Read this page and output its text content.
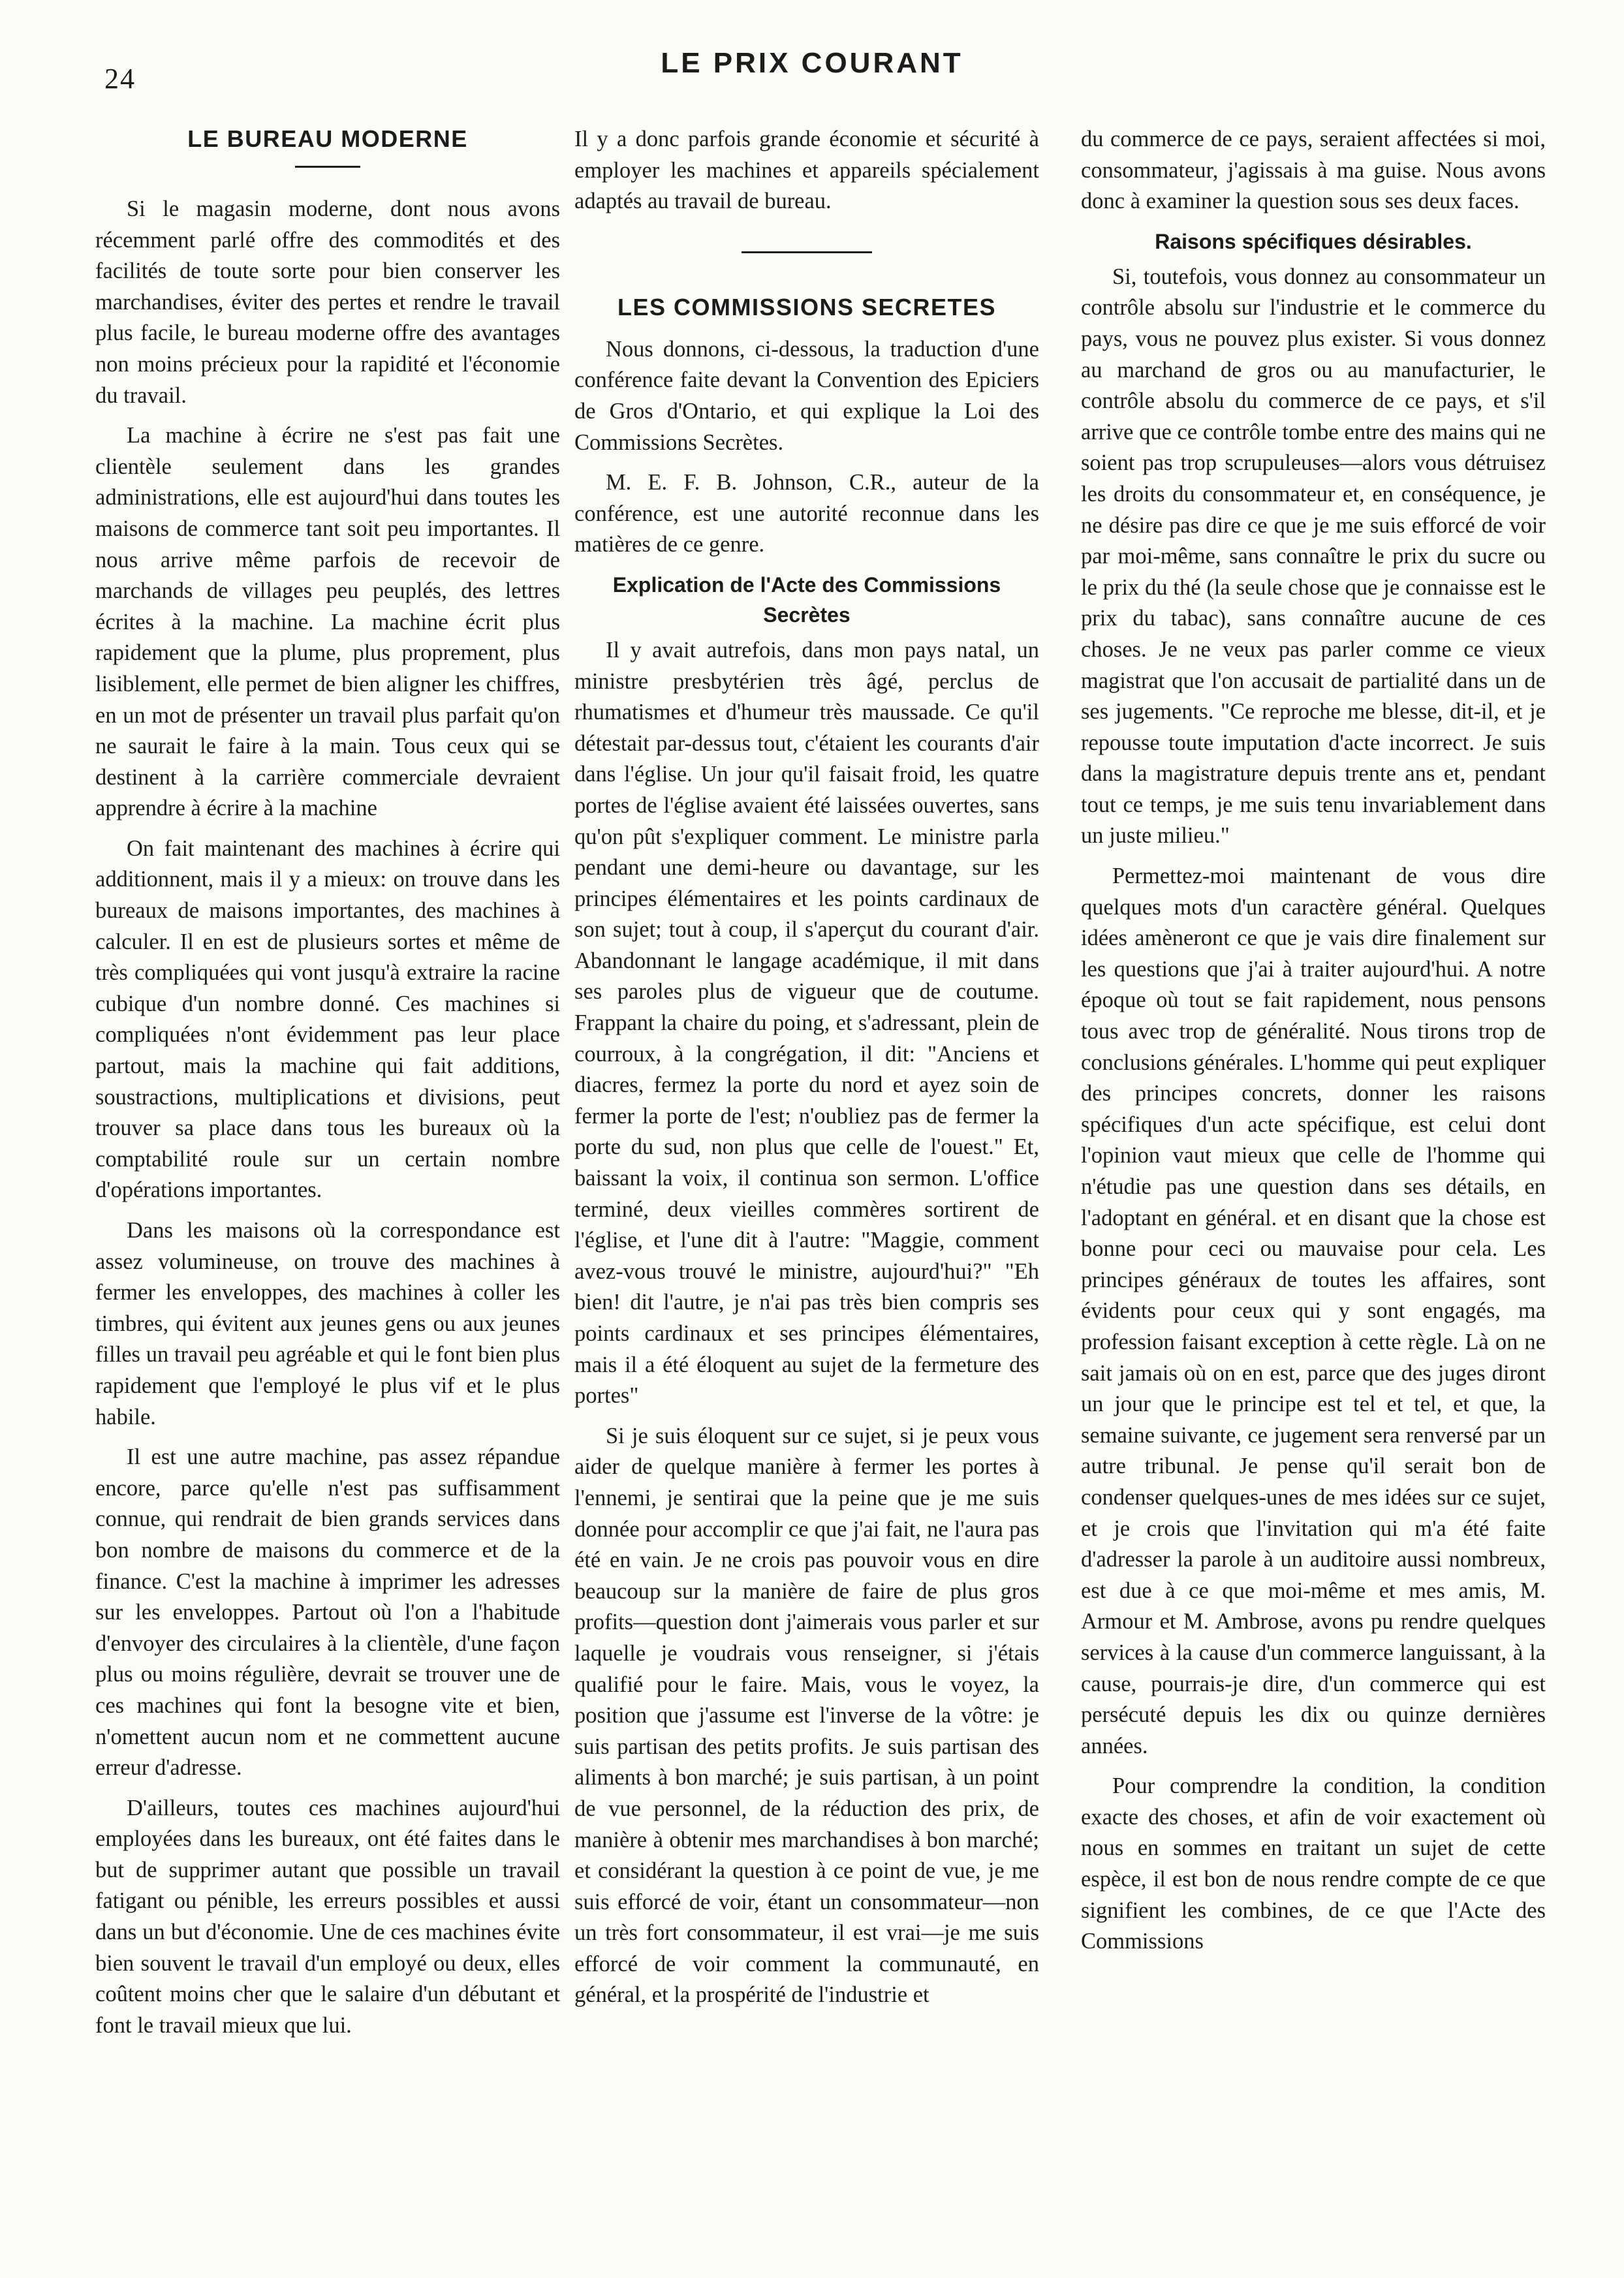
24	LE PRIX COURANT
LE BUREAU MODERNE

Si le magasin moderne, dont nous avons récemment parlé offre des commodités et des facilités de toute sorte pour bien conserver les marchandises, éviter des pertes et rendre le travail plus facile, le bureau moderne offre des avantages non moins précieux pour la rapidité et l'économie du travail.

La machine à écrire ne s'est pas fait une clientèle seulement dans les grandes administrations, elle est aujourd'hui dans toutes les maisons de commerce tant soit peu importantes. Il nous arrive même parfois de recevoir de marchands de villages peu peuplés, des lettres écrites à la machine. La machine écrit plus rapidement que la plume, plus proprement, plus lisiblement, elle permet de bien aligner les chiffres, en un mot de présenter un travail plus parfait qu'on ne saurait le faire à la main. Tous ceux qui se destinent à la carrière commerciale devraient apprendre à écrire à la machine

On fait maintenant des machines à écrire qui additionnent, mais il y a mieux: on trouve dans les bureaux de maisons importantes, des machines à calculer. Il en est de plusieurs sortes et même de très compliquées qui vont jusqu'à extraire la racine cubique d'un nombre donné. Ces machines si compliquées n'ont évidemment pas leur place partout, mais la machine qui fait additions, soustractions, multiplications et divisions, peut trouver sa place dans tous les bureaux où la comptabilité roule sur un certain nombre d'opérations importantes.

Dans les maisons où la correspondance est assez volumineuse, on trouve des machines à fermer les enveloppes, des machines à coller les timbres, qui évitent aux jeunes gens ou aux jeunes filles un travail peu agréable et qui le font bien plus rapidement que l'employé le plus vif et le plus habile.

Il est une autre machine, pas assez répandue encore, parce qu'elle n'est pas suffisamment connue, qui rendrait de bien grands services dans bon nombre de maisons du commerce et de la finance. C'est la machine à imprimer les adresses sur les enveloppes. Partout où l'on a l'habitude d'envoyer des circulaires à la clientèle, d'une façon plus ou moins régulière, devrait se trouver une de ces machines qui font la besogne vite et bien, n'omettent aucun nom et ne commettent aucune erreur d'adresse.

D'ailleurs, toutes ces machines aujourd'hui employées dans les bureaux, ont été faites dans le but de supprimer autant que possible un travail fatigant ou pénible, les erreurs possibles et aussi dans un but d'économie. Une de ces machines évite bien souvent le travail d'un employé ou deux, elles coûtent moins cher que le salaire d'un débutant et font le travail mieux que lui.

Il y a donc parfois grande économie et sécurité à employer les machines et appareils spécialement adaptés au travail de bureau.

LES COMMISSIONS SECRETES

Nous donnons, ci-dessous, la traduction d'une conférence faite devant la Convention des Epiciers de Gros d'Ontario, et qui explique la Loi des Commissions Secrètes.

M. E. F. B. Johnson, C.R., auteur de la conférence, est une autorité reconnue dans les matières de ce genre.

Explication de l'Acte des Commissions Secrètes

Il y avait autrefois, dans mon pays natal, un ministre presbytérien très âgé, perclus de rhumatismes et d'humeur très maussade. Ce qu'il détestait par-dessus tout, c'étaient les courants d'air dans l'église. Un jour qu'il faisait froid, les quatre portes de l'église avaient été laissées ouvertes, sans qu'on pût s'expliquer comment. Le ministre parla pendant une demi-heure ou davantage, sur les principes élémentaires et les points cardinaux de son sujet; tout à coup, il s'aperçut du courant d'air. Abandonnant le langage académique, il mit dans ses paroles plus de vigueur que de coutume. Frappant la chaire du poing, et s'adressant, plein de courroux, à la congrégation, il dit: "Anciens et diacres, fermez la porte du nord et ayez soin de fermer la porte de l'est; n'oubliez pas de fermer la porte du sud, non plus que celle de l'ouest." Et, baissant la voix, il continua son sermon. L'office terminé, deux vieilles commères sortirent de l'église, et l'une dit à l'autre: "Maggie, comment avez-vous trouvé le ministre, aujourd'hui?" "Eh bien! dit l'autre, je n'ai pas très bien compris ses points cardinaux et ses principes élémentaires, mais il a été éloquent au sujet de la fermeture des portes"

Si je suis éloquent sur ce sujet, si je peux vous aider de quelque manière à fermer les portes à l'ennemi, je sentirai que la peine que je me suis donnée pour accomplir ce que j'ai fait, ne l'aura pas été en vain. Je ne crois pas pouvoir vous en dire beaucoup sur la manière de faire de plus gros profits—question dont j'aimerais vous parler et sur laquelle je voudrais vous renseigner, si j'étais qualifié pour le faire. Mais, vous le voyez, la position que j'assume est l'inverse de la vôtre: je suis partisan des petits profits. Je suis partisan des aliments à bon marché; je suis partisan, à un point de vue personnel, de la réduction des prix, de manière à obtenir mes marchandises à bon marché; et considérant la question à ce point de vue, je me suis efforcé de voir, étant un consommateur—non un très fort consommateur, il est vrai—je me suis efforcé de voir comment la communauté, en général, et la prospérité de l'industrie et

du commerce de ce pays, seraient affectées si moi, consommateur, j'agissais à ma guise. Nous avons donc à examiner la question sous ses deux faces.

Raisons spécifiques désirables.

Si, toutefois, vous donnez au consommateur un contrôle absolu sur l'industrie et le commerce du pays, vous ne pouvez plus exister. Si vous donnez au marchand de gros ou au manufacturier, le contrôle absolu du commerce de ce pays, et s'il arrive que ce contrôle tombe entre des mains qui ne soient pas trop scrupuleuses—alors vous détruisez les droits du consommateur et, en conséquence, je ne désire pas dire ce que je me suis efforcé de voir par moi-même, sans connaître le prix du sucre ou le prix du thé (la seule chose que je connaisse est le prix du tabac), sans connaître aucune de ces choses. Je ne veux pas parler comme ce vieux magistrat que l'on accusait de partialité dans un de ses jugements. "Ce reproche me blesse, dit-il, et je repousse toute imputation d'acte incorrect. Je suis dans la magistrature depuis trente ans et, pendant tout ce temps, je me suis tenu invariablement dans un juste milieu."

Permettez-moi maintenant de vous dire quelques mots d'un caractère général. Quelques idées amèneront ce que je vais dire finalement sur les questions que j'ai à traiter aujourd'hui. A notre époque où tout se fait rapidement, nous pensons tous avec trop de généralité. Nous tirons trop de conclusions générales. L'homme qui peut expliquer des principes concrets, donner les raisons spécifiques d'un acte spécifique, est celui dont l'opinion vaut mieux que celle de l'homme qui n'étudie pas une question dans ses détails, en l'adoptant en général. et en disant que la chose est bonne pour ceci ou mauvaise pour cela. Les principes généraux de toutes les affaires, sont évidents pour ceux qui y sont engagés, ma profession faisant exception à cette règle. Là on ne sait jamais où on en est, parce que des juges diront un jour que le principe est tel et tel, et que, la semaine suivante, ce jugement sera renversé par un autre tribunal. Je pense qu'il serait bon de condenser quelques-unes de mes idées sur ce sujet, et je crois que l'invitation qui m'a été faite d'adresser la parole à un auditoire aussi nombreux, est due à ce que moi-même et mes amis, M. Armour et M. Ambrose, avons pu rendre quelques services à la cause d'un commerce languissant, à la cause, pourrais-je dire, d'un commerce qui est persécuté depuis les dix ou quinze dernières années.

Pour comprendre la condition, la condition exacte des choses, et afin de voir exactement où nous en sommes en traitant un sujet de cette espèce, il est bon de nous rendre compte de ce que signifient les combines, de ce que l'Acte des Commissions
